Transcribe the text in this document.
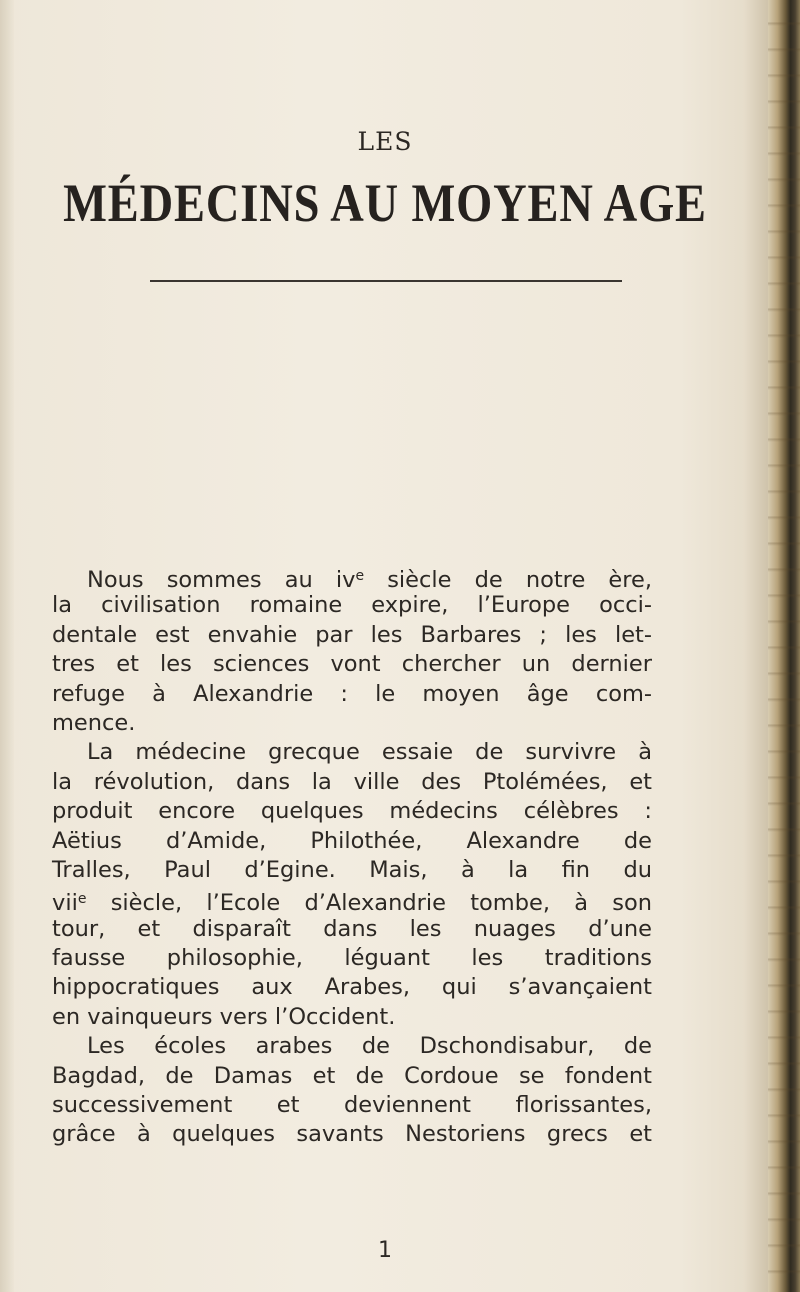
LES
MÉDECINS AU MOYEN AGE
Nous sommes au $iv^e$ siècle de notre ère,
la civilisation romaine expire, l’Europe occi-
dentale est envahie par les Barbares ; les let-
tres et les sciences vont chercher un dernier
refuge à Alexandrie : le moyen âge com-
mence.
La médecine grecque essaie de survivre à
la révolution, dans la ville des Ptolémées, et
produit encore quelques médecins célèbres :
Aëtius d’Amide, Philothée, Alexandre de
Tralles, Paul d’Egine. Mais, à la fin du
vii$^e$ siècle, l’Ecole d’Alexandrie tombe, à son
tour, et disparaît dans les nuages d’une
fausse philosophie, léguant les traditions
hippocratiques aux Arabes, qui s’avançaient
en vainqueurs vers l’Occident.
Les écoles arabes de Dschondisabur, de
Bagdad, de Damas et de Cordoue se fondent
successivement et deviennent florissantes,
grâce à quelques savants Nestoriens grecs et
1
